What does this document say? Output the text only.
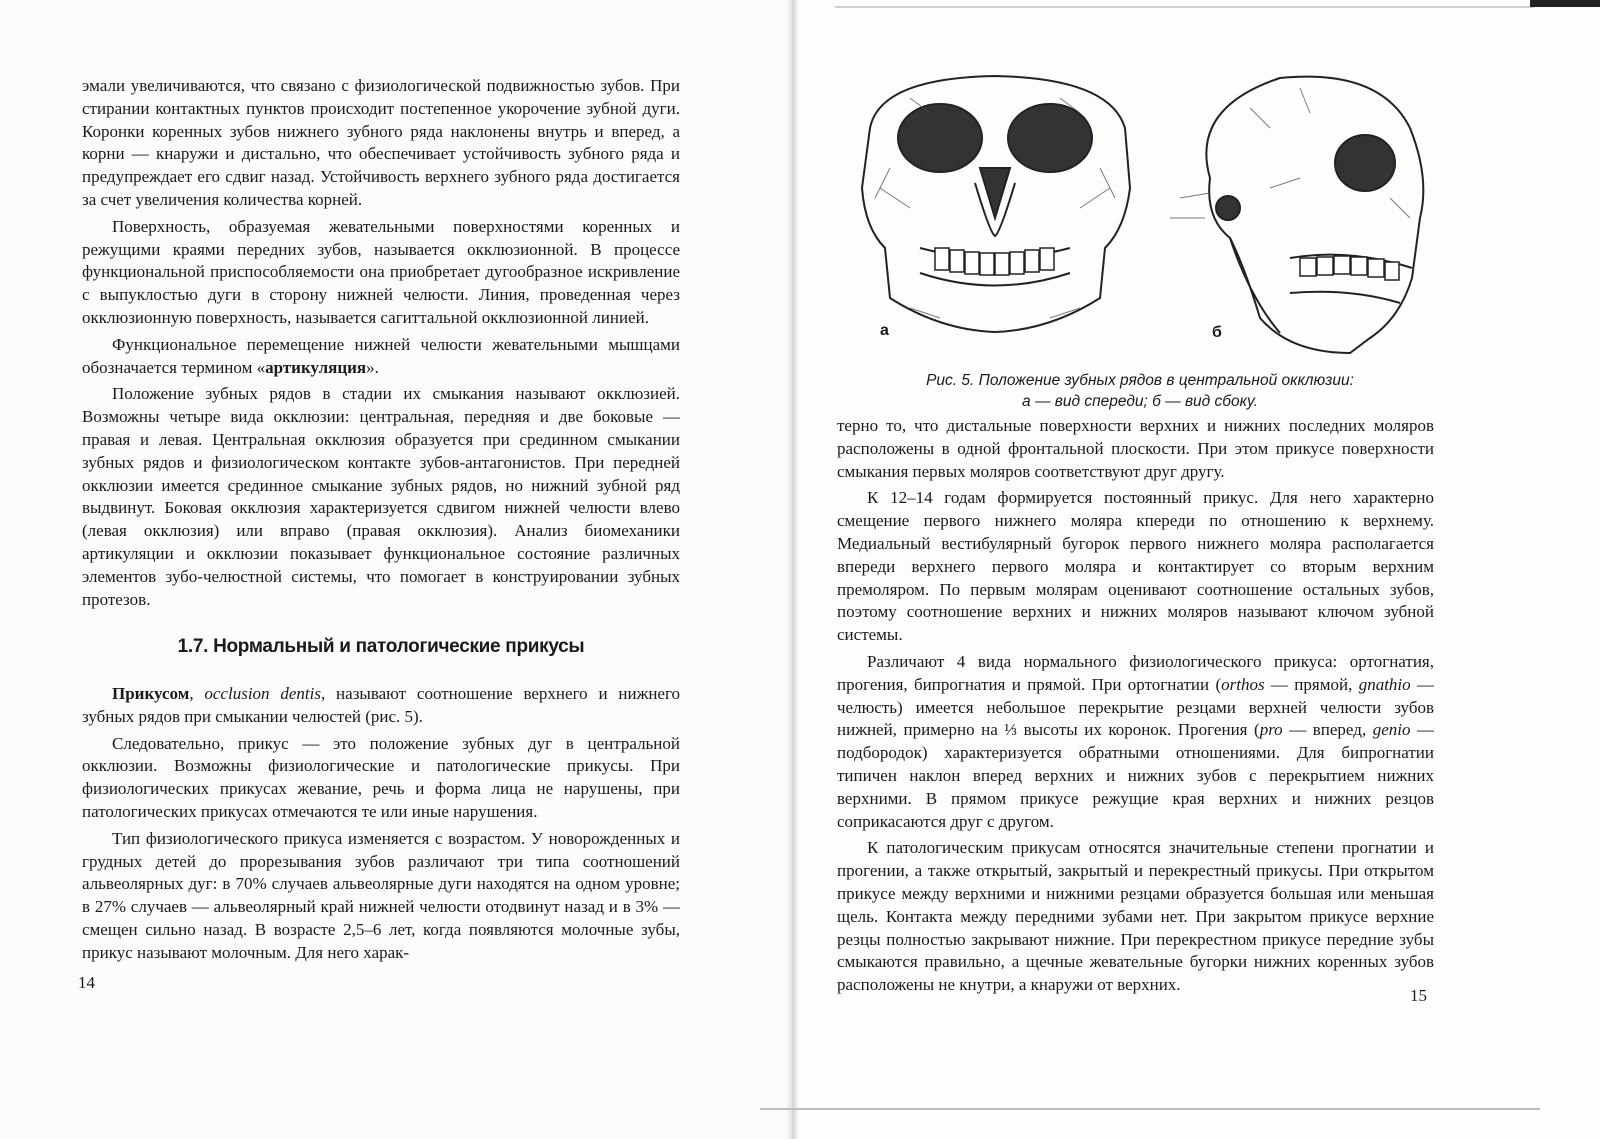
эмали увеличиваются, что связано с физиологической подвижностью зубов. При стирании контактных пунктов происходит постепенное укорочение зубной дуги. Коронки коренных зубов нижнего зубного ряда наклонены внутрь и вперед, а корни — кнаружи и дистально, что обеспечивает устойчивость зубного ряда и предупреждает его сдвиг назад. Устойчивость верхнего зубного ряда достигается за счет увеличения количества корней.

Поверхность, образуемая жевательными поверхностями коренных и режущими краями передних зубов, называется окклюзионной. В процессе функциональной приспособляемости она приобретает дугообразное искривление с выпуклостью дуги в сторону нижней челюсти. Линия, проведенная через окклюзионную поверхность, называется сагиттальной окклюзионной линией.

Функциональное перемещение нижней челюсти жевательными мышцами обозначается термином «артикуляция».

Положение зубных рядов в стадии их смыкания называют окклюзией. Возможны четыре вида окклюзии: центральная, передняя и две боковые — правая и левая. Центральная окклюзия образуется при срединном смыкании зубных рядов и физиологическом контакте зубов-антагонистов. При передней окклюзии имеется срединное смыкание зубных рядов, но нижний зубной ряд выдвинут. Боковая окклюзия характеризуется сдвигом нижней челюсти влево (левая окклюзия) или вправо (правая окклюзия). Анализ биомеханики артикуляции и окклюзии показывает функциональное состояние различных элементов зубо-челюстной системы, что помогает в конструировании зубных протезов.

1.7. Нормальный и патологические прикусы

Прикусом, occlusion dentis, называют соотношение верхнего и нижнего зубных рядов при смыкании челюстей (рис. 5).

Следовательно, прикус — это положение зубных дуг в центральной окклюзии. Возможны физиологические и патологические прикусы. При физиологических прикусах жевание, речь и форма лица не нарушены, при патологических прикусах отмечаются те или иные нарушения.

Тип физиологического прикуса изменяется с возрастом. У новорожденных и грудных детей до прорезывания зубов различают три типа соотношений альвеолярных дуг: в 70% случаев альвеолярные дуги находятся на одном уровне; в 27% случаев — альвеолярный край нижней челюсти отодвинут назад и в 3% — смещен сильно назад. В возрасте 2,5–6 лет, когда появляются молочные зубы, прикус называют молочным. Для него харак-

14
а	б
Рис. 5. Положение зубных рядов в центральной окклюзии:
а — вид спереди; б — вид сбоку.

терно то, что дистальные поверхности верхних и нижних последних моляров расположены в одной фронтальной плоскости. При этом прикусе поверхности смыкания первых моляров соответствуют друг другу.

К 12–14 годам формируется постоянный прикус. Для него характерно смещение первого нижнего моляра кпереди по отношению к верхнему. Медиальный вестибулярный бугорок первого нижнего моляра располагается впереди верхнего первого моляра и контактирует со вторым верхним премоляром. По первым молярам оценивают соотношение остальных зубов, поэтому соотношение верхних и нижних моляров называют ключом зубной системы.

Различают 4 вида нормального физиологического прикуса: ортогнатия, прогения, бипрогнатия и прямой. При ортогнатии (orthos — прямой, gnathio — челюсть) имеется небольшое перекрытие резцами верхней челюсти зубов нижней, примерно на ⅓ высоты их коронок. Прогения (pro — вперед, genio — подбородок) характеризуется обратными отношениями. Для бипрогнатии типичен наклон вперед верхних и нижних зубов с перекрытием нижних верхними. В прямом прикусе режущие края верхних и нижних резцов соприкасаются друг с другом.

К патологическим прикусам относятся значительные степени прогнатии и прогении, а также открытый, закрытый и перекрестный прикусы. При открытом прикусе между верхними и нижними резцами образуется большая или меньшая щель. Контакта между передними зубами нет. При закрытом прикусе верхние резцы полностью закрывают нижние. При перекрестном прикусе передние зубы смыкаются правильно, а щечные жевательные бугорки нижних коренных зубов расположены не кнутри, а кнаружи от верхних.

15
